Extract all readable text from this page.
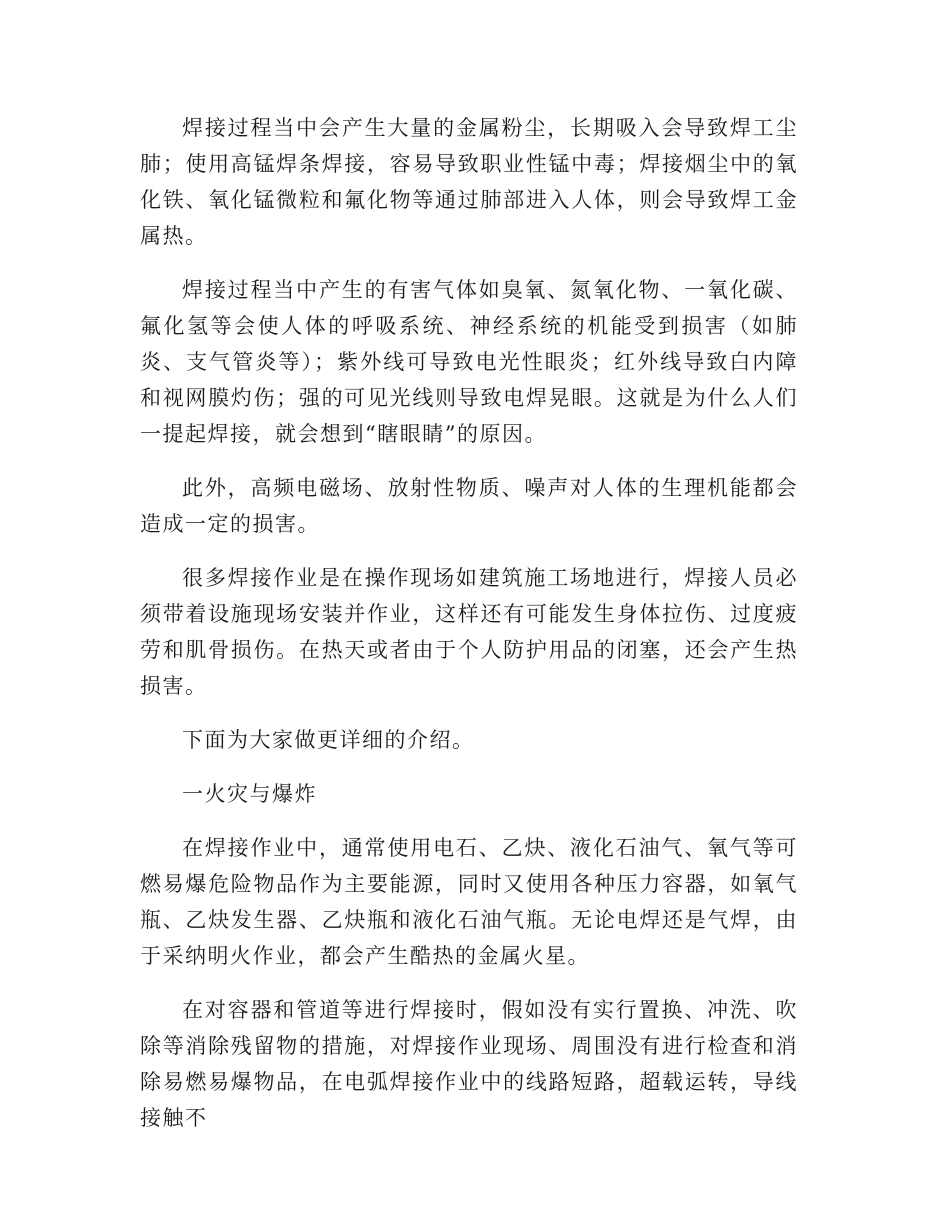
焊接过程当中会产生大量的金属粉尘，长期吸入会导致焊工尘肺；使用高锰焊条焊接，容易导致职业性锰中毒；焊接烟尘中的氧化铁、氧化锰微粒和氟化物等通过肺部进入人体，则会导致焊工金属热。

焊接过程当中产生的有害气体如臭氧、氮氧化物、一氧化碳、氟化氢等会使人体的呼吸系统、神经系统的机能受到损害（如肺炎、支气管炎等）；紫外线可导致电光性眼炎；红外线导致白内障和视网膜灼伤；强的可见光线则导致电焊晃眼。这就是为什么人们一提起焊接，就会想到“瞎眼睛”的原因。

此外，高频电磁场、放射性物质、噪声对人体的生理机能都会造成一定的损害。

很多焊接作业是在操作现场如建筑施工场地进行，焊接人员必须带着设施现场安装并作业，这样还有可能发生身体拉伤、过度疲劳和肌骨损伤。在热天或者由于个人防护用品的闭塞，还会产生热损害。

下面为大家做更详细的介绍。

一火灾与爆炸

在焊接作业中，通常使用电石、乙炔、液化石油气、氧气等可燃易爆危险物品作为主要能源，同时又使用各种压力容器，如氧气瓶、乙炔发生器、乙炔瓶和液化石油气瓶。无论电焊还是气焊，由于采纳明火作业，都会产生酷热的金属火星。

在对容器和管道等进行焊接时，假如没有实行置换、冲洗、吹除等消除残留物的措施，对焊接作业现场、周围没有进行检查和消除易燃易爆物品，在电弧焊接作业中的线路短路，超载运转，导线接触不
